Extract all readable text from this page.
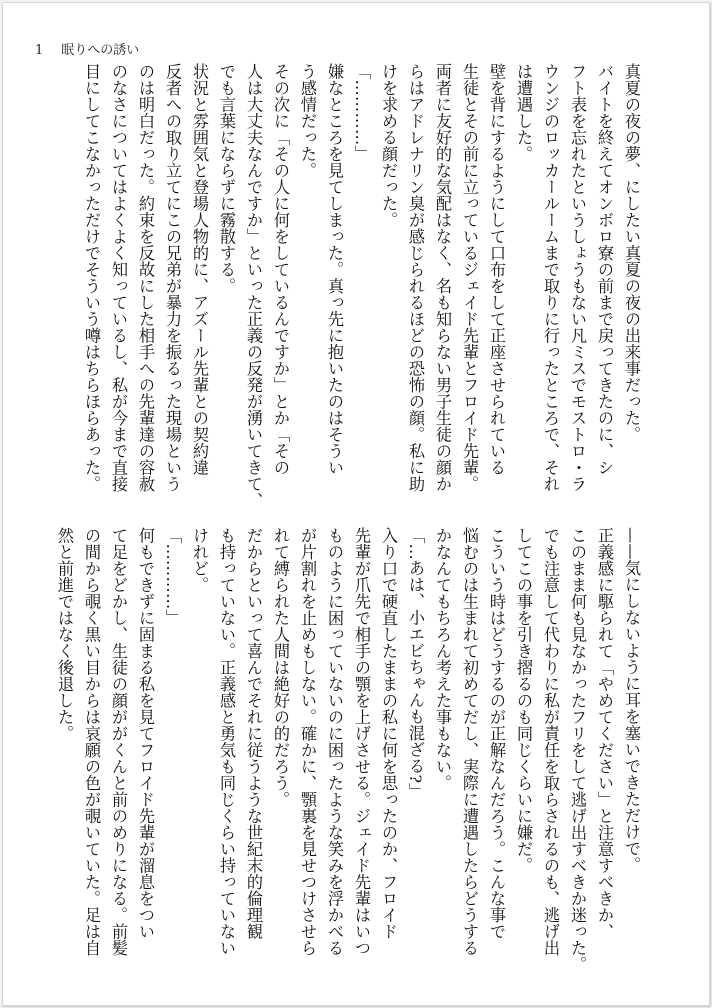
1 眠りへの誘い
真夏の夜の夢、にしたい真夏の夜の出来事だった。
バイトを終えてオンボロ寮の前まで戻ってきたのに、シ
フト表を忘れたというしょうもない凡ミスでモストロ・ラ
ウンジのロッカールームまで取りに行ったところで、それ
は遭遇した。
壁を背にするようにして口布をして正座させられている
生徒とその前に立っているジェイド先輩とフロイド先輩。
両者に友好的な気配はなく、名も知らない男子生徒の顔か
らはアドレナリン臭が感じられるほどの恐怖の顔。私に助
けを求める顔だった。
「…………」
嫌なところを見てしまった。真っ先に抱いたのはそうい
う感情だった。
その次に「その人に何をしているんですか」とか「その
人は大丈夫なんですか」といった正義の反発が湧いてきて、
でも言葉にならずに霧散する。
状況と雰囲気と登場人物的に、アズール先輩との契約違
反者への取り立てにこの兄弟が暴力を振るった現場という
のは明白だった。約束を反故にした相手への先輩達の容赦
のなさについてはよくよく知っているし、私が今まで直接
目にしてこなかっただけでそういう噂はちらほらあった。
——気にしないように耳を塞いできただけで。
正義感に駆られて「やめてください」と注意すべきか、
このまま何も見なかったフリをして逃げ出すべきか迷った。
でも注意して代わりに私が責任を取らされるのも、逃げ出
してこの事を引き摺るのも同じくらいに嫌だ。
こういう時はどうするのが正解なんだろう。こんな事で
悩むのは生まれて初めてだし、実際に遭遇したらどうする
かなんてもちろん考えた事もない。
「…あは、小エビちゃんも混ざる?」
入り口で硬直したままの私に何を思ったのか、フロイド
先輩が爪先で相手の顎を上げさせる。ジェイド先輩はいつ
ものように困っていないのに困ったような笑みを浮かべる
が片割れを止めもしない。確かに、顎裏を見せつけさせら
れて縛られた人間は絶好の的だろう。
だからといって喜んでそれに従うような世紀末的倫理観
も持っていない。正義感と勇気も同じくらい持っていない
けれど。
「…………」
何もできずに固まる私を見てフロイド先輩が溜息をつい
て足をどかし、生徒の顔ががくんと前のめりになる。前髪
の間から覗く黒い目からは哀願の色が覗いていた。足は自
然と前進ではなく後退した。
